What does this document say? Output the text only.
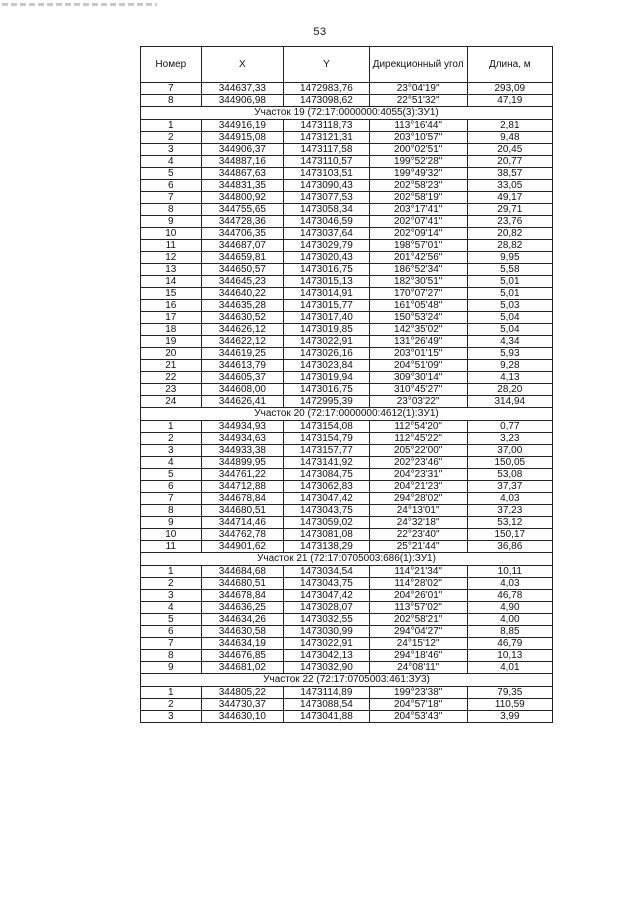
53
Номер	X	Y	Дирекционный угол	Длина, м
7	344637,33	1472983,76	23°04'19"	293,09
8	344906,98	1473098,62	22°51'32"	47,19
Участок 19 (72:17:0000000:4055(3):ЗУ1)				
1	344916,19	1473118,73	113°16'44"	2,81
2	344915,08	1473121,31	203°10'57"	9,48
3	344906,37	1473117,58	200°02'51"	20,45
4	344887,16	1473110,57	199°52'28"	20,77
5	344867,63	1473103,51	199°49'32"	38,57
6	344831,35	1473090,43	202°58'23"	33,05
7	344800,92	1473077,53	202°58'19"	49,17
8	344755,65	1473058,34	203°17'41"	29,71
9	344728,36	1473046,59	202°07'41"	23,76
10	344706,35	1473037,64	202°09'14"	20,82
11	344687,07	1473029,79	198°57'01"	28,82
12	344659,81	1473020,43	201°42'56"	9,95
13	344650,57	1473016,75	186°52'34"	5,58
14	344645,23	1473015,13	182°30'51"	5,01
15	344640,22	1473014,91	170°07'27"	5,01
16	344635,28	1473015,77	161°05'48"	5,03
17	344630,52	1473017,40	150°53'24"	5,04
18	344626,12	1473019,85	142°35'02"	5,04
19	344622,12	1473022,91	131°26'49"	4,34
20	344619,25	1473026,16	203°01'15"	5,93
21	344613,79	1473023,84	204°51'09"	9,28
22	344605,37	1473019,94	309°30'14"	4,13
23	344608,00	1473016,75	310°45'27"	28,20
24	344626,41	1472995,39	23°03'22"	314,94
Участок 20 (72:17:0000000:4612(1):ЗУ1)				
1	344934,93	1473154,08	112°54'20"	0,77
2	344934,63	1473154,79	112°45'22"	3,23
3	344933,38	1473157,77	205°22'00"	37,00
4	344899,95	1473141,92	202°23'46"	150,05
5	344761,22	1473084,75	204°23'31"	53,08
6	344712,88	1473062,83	204°21'23"	37,37
7	344678,84	1473047,42	294°28'02"	4,03
8	344680,51	1473043,75	24°13'01"	37,23
9	344714,46	1473059,02	24°32'18"	53,12
10	344762,78	1473081,08	22°23'40"	150,17
11	344901,62	1473138,29	25°21'44"	36,86
Участок 21 (72:17:0705003:686(1):ЗУ1)				
1	344684,68	1473034,54	114°21'34"	10,11
2	344680,51	1473043,75	114°28'02"	4,03
3	344678,84	1473047,42	204°26'01"	46,78
4	344636,25	1473028,07	113°57'02"	4,90
5	344634,26	1473032,55	202°58'21"	4,00
6	344630,58	1473030,99	294°04'27"	8,85
7	344634,19	1473022,91	24°15'12"	46,79
8	344676,85	1473042,13	294°18'46"	10,13
9	344681,02	1473032,90	24°08'11"	4,01
Участок 22 (72:17:0705003:461:ЗУ3)				
1	344805,22	1473114,89	199°23'38"	79,35
2	344730,37	1473088,54	204°57'18"	110,59
3	344630,10	1473041,88	204°53'43"	3,99
